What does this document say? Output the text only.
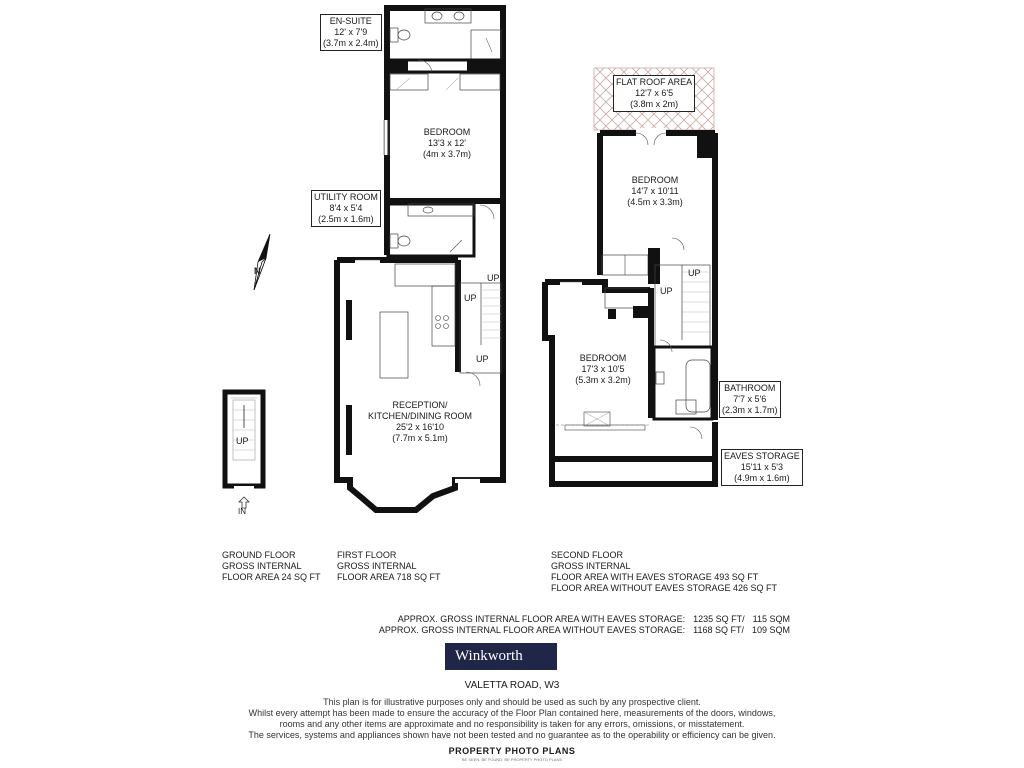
EN-SUITE
12' x 7'9
(3.7m x 2.4m)
BEDROOM
13'3 x 12'
(4m x 3.7m)
UTILITY ROOM
8'4 x 5'4
(2.5m x 1.6m)
RECEPTION/
KITCHEN/DINING ROOM
25'2 x 16'10
(7.7m x 5.1m)
FLAT ROOF AREA
12'7 x 6'5
(3.8m x 2m)
BEDROOM
14'7 x 10'11
(4.5m x 3.3m)
BEDROOM
17'3 x 10'5
(5.3m x 3.2m)
BATHROOM
7'7 x 5'6
(2.3m x 1.7m)
EAVES STORAGE
15'11 x 5'3
(4.9m x 1.6m)
UP
IN
UP
UP
UP
UP
UP
N
GROUND FLOOR
GROSS INTERNAL
FLOOR AREA 24 SQ FT
FIRST FLOOR
GROSS INTERNAL
FLOOR AREA 718 SQ FT
SECOND FLOOR
GROSS INTERNAL
FLOOR AREA WITH EAVES STORAGE 493 SQ FT
FLOOR AREA WITHOUT EAVES STORAGE 426 SQ FT
APPROX. GROSS INTERNAL FLOOR AREA WITH EAVES STORAGE: 1235 SQ FT/ 115 SQM
APPROX. GROSS INTERNAL FLOOR AREA WITHOUT EAVES STORAGE: 1168 SQ FT/ 109 SQM
Winkworth
VALETTA ROAD, W3
This plan is for illustrative purposes only and should be used as such by any prospective client.
Whilst every attempt has been made to ensure the accuracy of the Floor Plan contained here, measurements of the doors, windows,
rooms and any other items are approximate and no responsibility is taken for any errors, omissions, or misstatement.
The services, systems and appliances shown have not been tested and no guarantee as to the operability or efficiency can be given.
PROPERTY PHOTO PLANS
BE SEEN. BE FOUND. BE PROPERTY PHOTO PLANS
